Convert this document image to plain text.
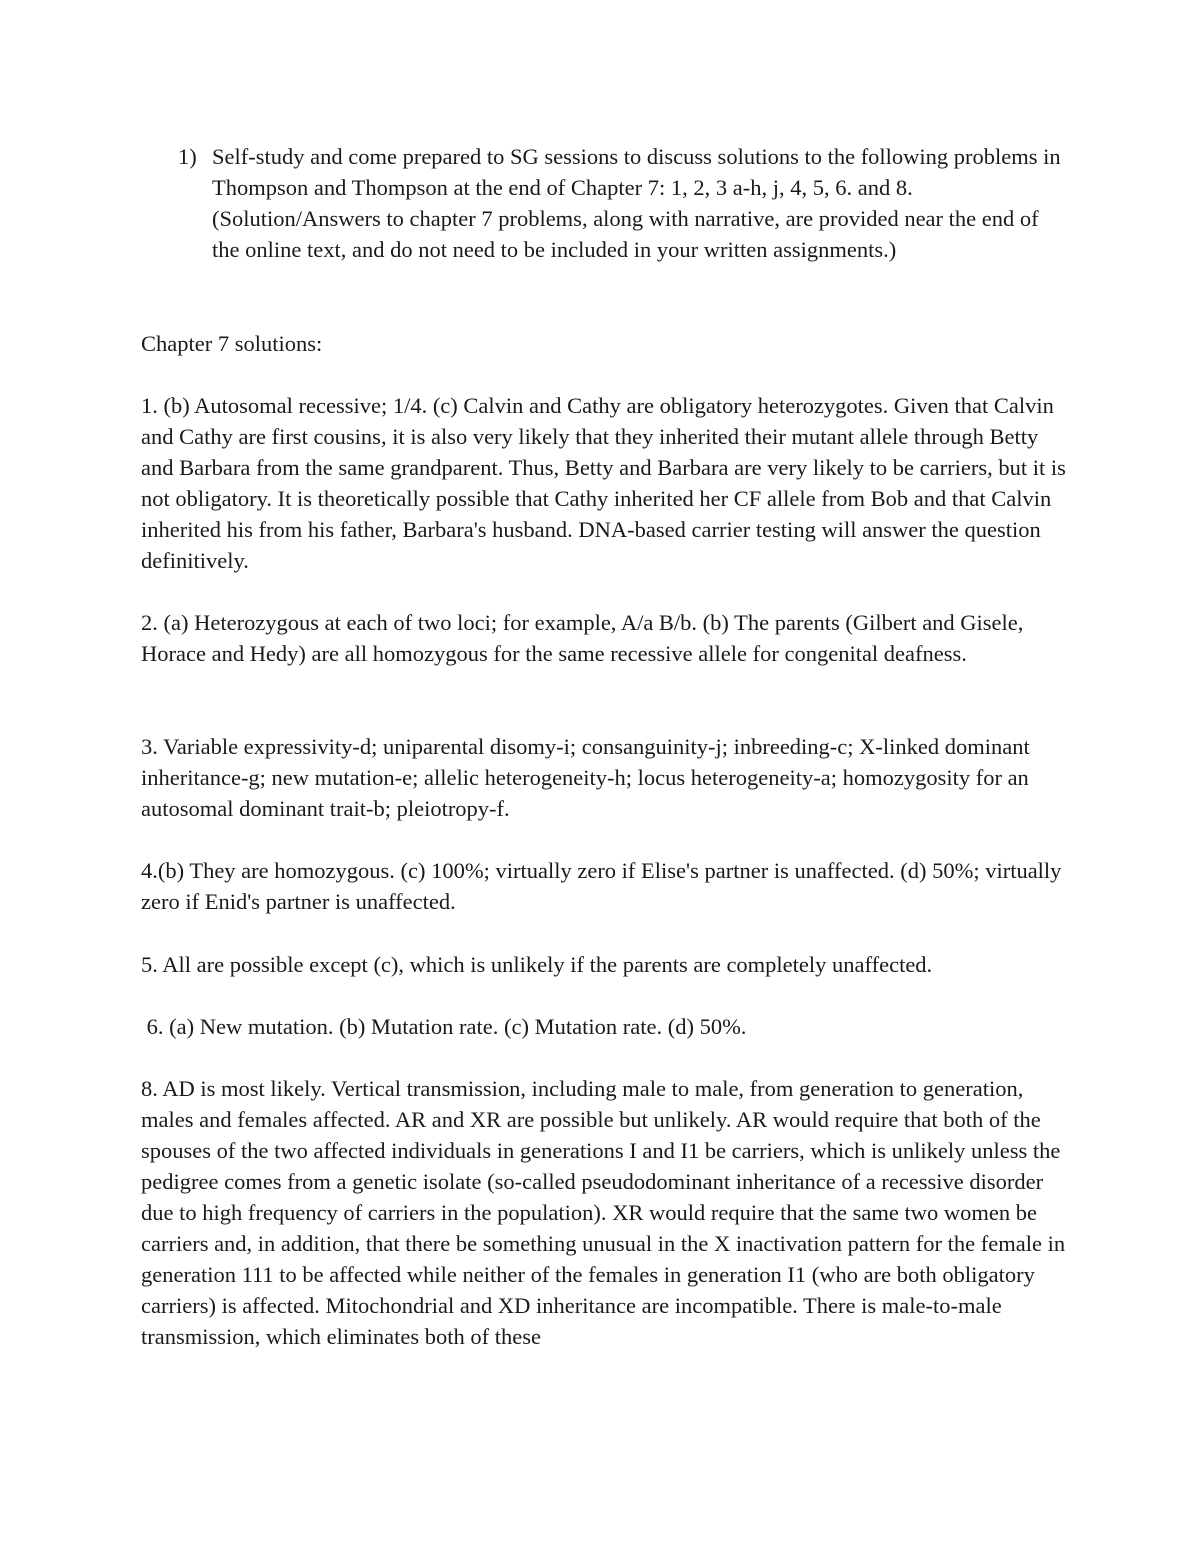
1) Self-study and come prepared to SG sessions to discuss solutions to the following problems in Thompson and Thompson at the end of Chapter 7: 1, 2, 3 a-h, j, 4, 5, 6. and 8. (Solution/Answers to chapter 7 problems, along with narrative, are provided near the end of the online text, and do not need to be included in your written assignments.)

Chapter 7 solutions:

1. (b) Autosomal recessive; 1/4. (c) Calvin and Cathy are obligatory heterozygotes. Given that Calvin and Cathy are first cousins, it is also very likely that they inherited their mutant allele through Betty and Barbara from the same grandparent. Thus, Betty and Barbara are very likely to be carriers, but it is not obligatory. It is theoretically possible that Cathy inherited her CF allele from Bob and that Calvin inherited his from his father, Barbara's husband. DNA-based carrier testing will answer the question definitively.

2. (a) Heterozygous at each of two loci; for example, A/a B/b. (b) The parents (Gilbert and Gisele, Horace and Hedy) are all homozygous for the same recessive allele for congenital deafness.

3. Variable expressivity-d; uniparental disomy-i; consanguinity-j; inbreeding-c; X-linked dominant inheritance-g; new mutation-e; allelic heterogeneity-h; locus heterogeneity-a; homozygosity for an autosomal dominant trait-b; pleiotropy-f.

4.(b) They are homozygous. (c) 100%; virtually zero if Elise's partner is unaffected. (d) 50%; virtually zero if Enid's partner is unaffected.

5. All are possible except (c), which is unlikely if the parents are completely unaffected.

6. (a) New mutation. (b) Mutation rate. (c) Mutation rate. (d) 50%.

8. AD is most likely. Vertical transmission, including male to male, from generation to generation, males and females affected. AR and XR are possible but unlikely. AR would require that both of the spouses of the two affected individuals in generations I and I1 be carriers, which is unlikely unless the pedigree comes from a genetic isolate (so-called pseudodominant inheritance of a recessive disorder due to high frequency of carriers in the population). XR would require that the same two women be carriers and, in addition, that there be something unusual in the X inactivation pattern for the female in generation 111 to be affected while neither of the females in generation I1 (who are both obligatory carriers) is affected. Mitochondrial and XD inheritance are incompatible. There is male-to-male transmission, which eliminates both of these
